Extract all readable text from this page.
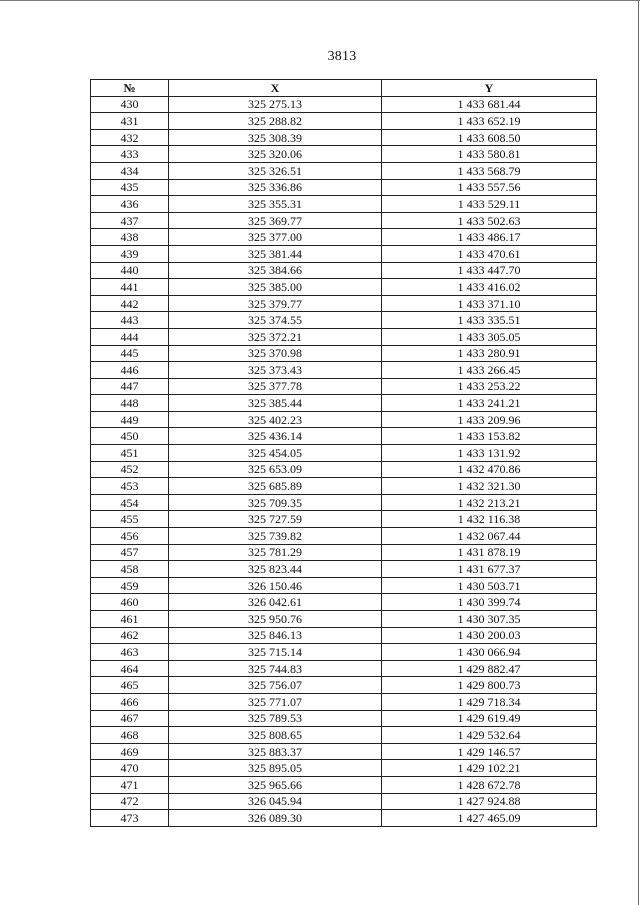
3813
№	X	Y
430	325 275.13	1 433 681.44
431	325 288.82	1 433 652.19
432	325 308.39	1 433 608.50
433	325 320.06	1 433 580.81
434	325 326.51	1 433 568.79
435	325 336.86	1 433 557.56
436	325 355.31	1 433 529.11
437	325 369.77	1 433 502.63
438	325 377.00	1 433 486.17
439	325 381.44	1 433 470.61
440	325 384.66	1 433 447.70
441	325 385.00	1 433 416.02
442	325 379.77	1 433 371.10
443	325 374.55	1 433 335.51
444	325 372.21	1 433 305.05
445	325 370.98	1 433 280.91
446	325 373.43	1 433 266.45
447	325 377.78	1 433 253.22
448	325 385.44	1 433 241.21
449	325 402.23	1 433 209.96
450	325 436.14	1 433 153.82
451	325 454.05	1 433 131.92
452	325 653.09	1 432 470.86
453	325 685.89	1 432 321.30
454	325 709.35	1 432 213.21
455	325 727.59	1 432 116.38
456	325 739.82	1 432 067.44
457	325 781.29	1 431 878.19
458	325 823.44	1 431 677.37
459	326 150.46	1 430 503.71
460	326 042.61	1 430 399.74
461	325 950.76	1 430 307.35
462	325 846.13	1 430 200.03
463	325 715.14	1 430 066.94
464	325 744.83	1 429 882.47
465	325 756.07	1 429 800.73
466	325 771.07	1 429 718.34
467	325 789.53	1 429 619.49
468	325 808.65	1 429 532.64
469	325 883.37	1 429 146.57
470	325 895.05	1 429 102.21
471	325 965.66	1 428 672.78
472	326 045.94	1 427 924.88
473	326 089.30	1 427 465.09
